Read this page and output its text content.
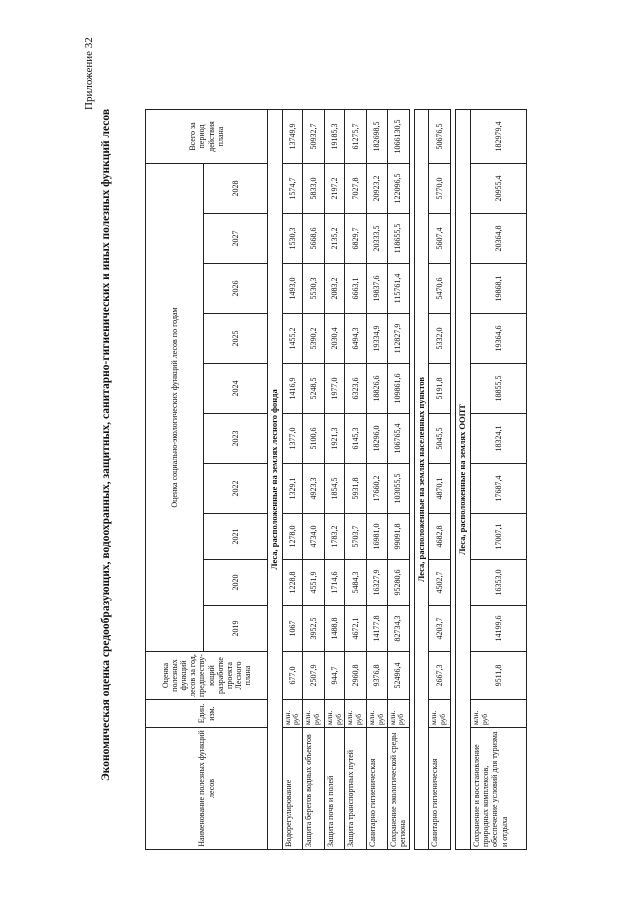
Приложение 32
Экономическая оценка средообразующих, водоохранных, защитных, санитарно-гигиенических и иных полезных функций лесов
Наименование полезных функций лесов	Един. изм.	Оценка полезных функций лесов за год, предшеству-ющий разработке проекта Лесного плана	Оценка социально-экологических функций лесов по годам										Всего за период действия плана
			2019	2020	2021	2022	2023	2024	2025	2026	2027	2028	
Леса, расположенные на землях лесного фонда													
Водорегулирование	млн. руб	677,0	1067	1228,8	1278,0	1329,1	1377,0	1416,9	1455,2	1493,0	1530,3	1574,7	13749,9
Защита берегов водных объектов	млн. руб	2507,9	3952,5	4551,9	4734,0	4923,3	5100,6	5248,5	5390,2	5530,3	5668,6	5833,0	50932,7
Защита почв и полей	млн. руб	944,7	1488,8	1714,6	1783,2	1854,5	1921,3	1977,0	2030,4	2083,2	2135,2	2197,2	19185,3
Защита транспортных путей	млн. руб	2960,8	4672,1	5484,3	5703,7	5931,8	6145,3	6323,6	6494,3	6663,1	6829,7	7027,8	61275,7
Санитарно гигиеническая	млн. руб	9376,8	14177,8	16327,9	16981,0	17660,2	18296,0	18826,6	19334,9	19837,6	20333,5	20923,2	182698,5
Сохранение экологической среды региона	млн. руб	52496,4	82734,3	95280,6	99091,8	103055,5	106765,4	109861,6	112827,9	115761,4	118655,5	122096,5	1066130,5

Леса, расположенные на землях населенных пунктов													
Санитарно гигиеническая	млн. руб	2667,3	4203,7	4502,7	4682,8	4870,1	5045,5	5191,8	5332,0	5470,6	5607,4	5770,0	50676,5

Леса, расположенные на землях ООПТ													
Сохранение и восстановление природных комплексов, обеспечение условий для туризма и отдыха	млн. руб	9511,8	14199,6	16353,0	17007,1	17687,4	18324,1	18855,5	19364,6	19868,1	20364,8	20955,4	182979,4
